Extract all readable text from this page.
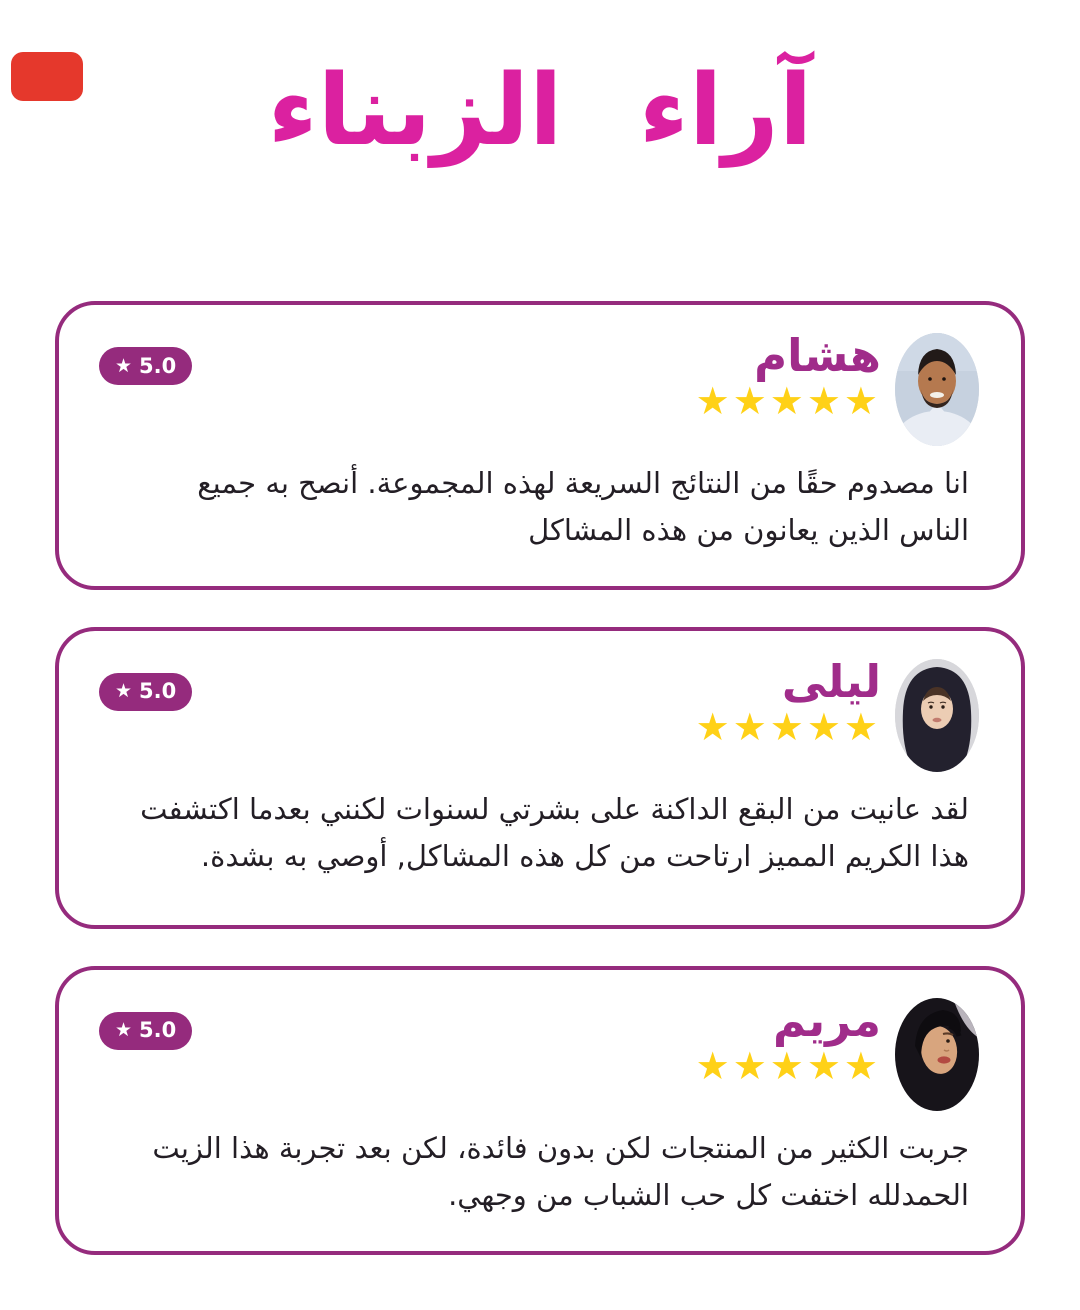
آراء الزبناء
★ 5.0	هشام
★★★★★

انا مصدوم حقًا من النتائج السريعة لهذه المجموعة. أنصح به جميع الناس الذين يعانون من هذه المشاكل

★ 5.0	ليلى
★★★★★

لقد عانيت من البقع الداكنة على بشرتي لسنوات لكنني بعدما اكتشفت هذا الكريم المميز ارتاحت من كل هذه المشاكل, أوصي به بشدة.

★ 5.0	مريم
★★★★★

جربت الكثير من المنتجات لكن بدون فائدة، لكن بعد تجربة هذا الزيت الحمدلله اختفت كل حب الشباب من وجهي.
